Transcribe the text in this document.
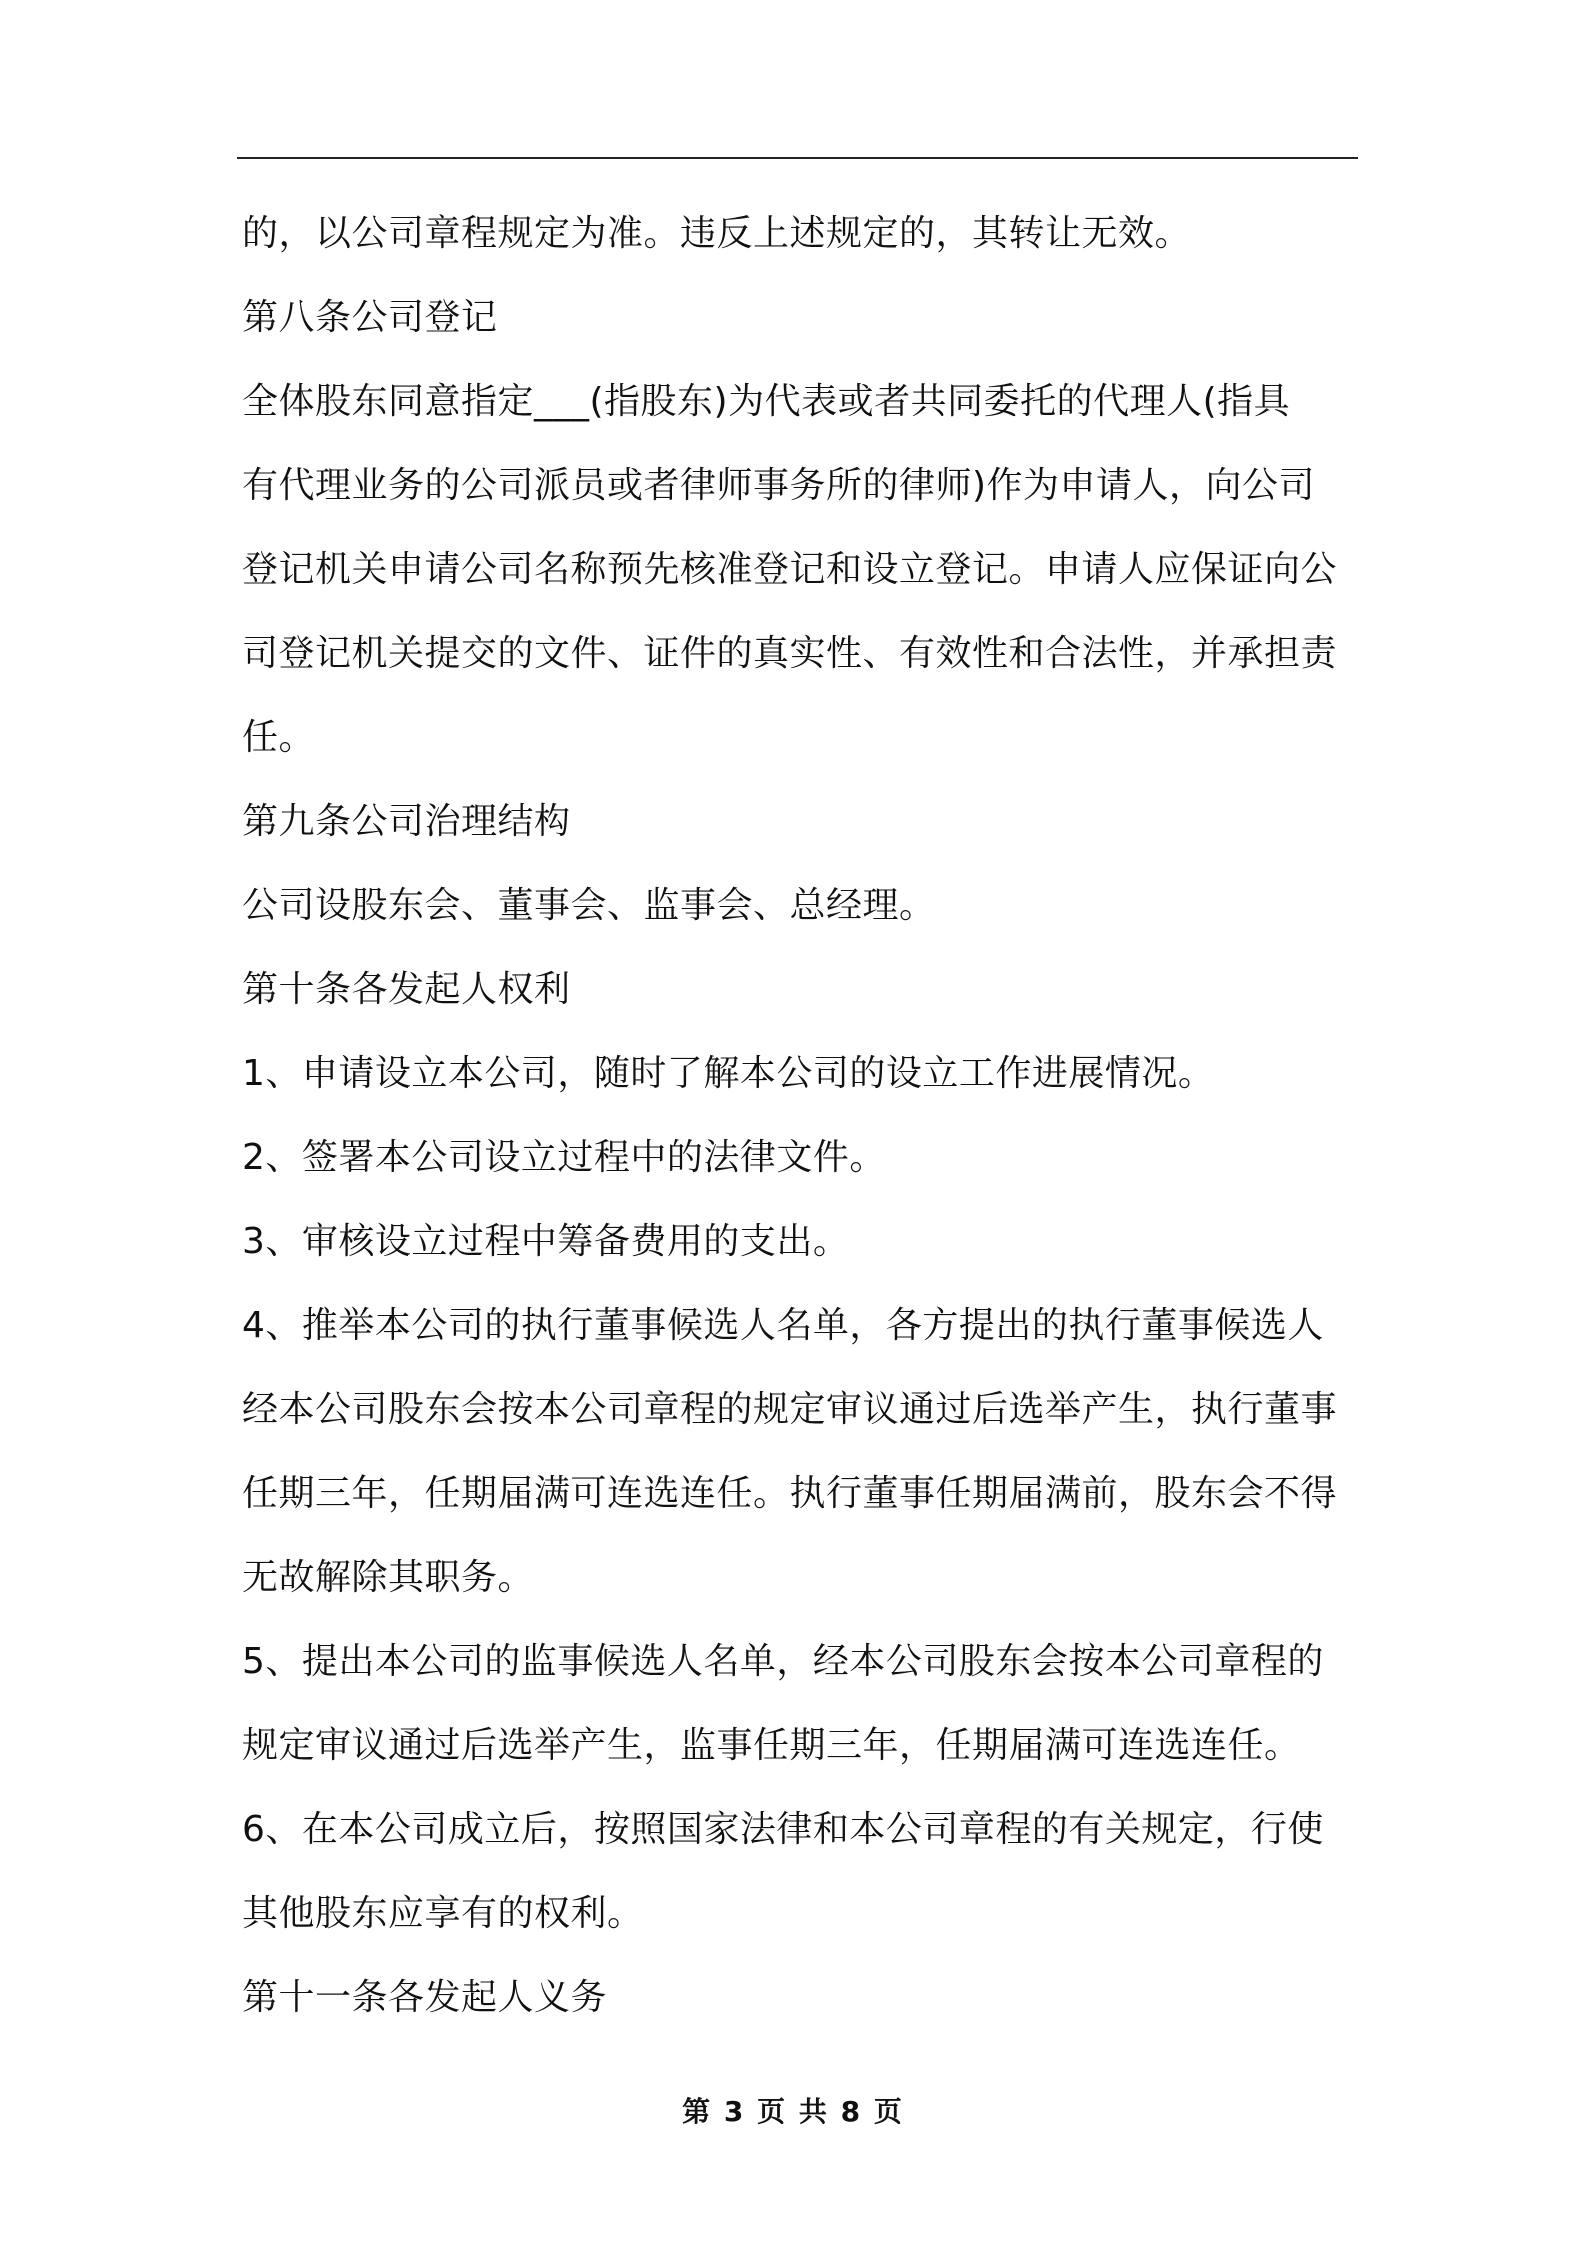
的，以公司章程规定为准。违反上述规定的，其转让无效。
第八条公司登记
全体股东同意指定___(指股东)为代表或者共同委托的代理人(指具
有代理业务的公司派员或者律师事务所的律师)作为申请人，向公司
登记机关申请公司名称预先核准登记和设立登记。申请人应保证向公
司登记机关提交的文件、证件的真实性、有效性和合法性，并承担责
任。
第九条公司治理结构
公司设股东会、董事会、监事会、总经理。
第十条各发起人权利
1、申请设立本公司，随时了解本公司的设立工作进展情况。
2、签署本公司设立过程中的法律文件。
3、审核设立过程中筹备费用的支出。
4、推举本公司的执行董事候选人名单，各方提出的执行董事候选人
经本公司股东会按本公司章程的规定审议通过后选举产生，执行董事
任期三年，任期届满可连选连任。执行董事任期届满前，股东会不得
无故解除其职务。
5、提出本公司的监事候选人名单，经本公司股东会按本公司章程的
规定审议通过后选举产生，监事任期三年，任期届满可连选连任。
6、在本公司成立后，按照国家法律和本公司章程的有关规定，行使
其他股东应享有的权利。
第十一条各发起人义务
第 3 页 共 8 页
